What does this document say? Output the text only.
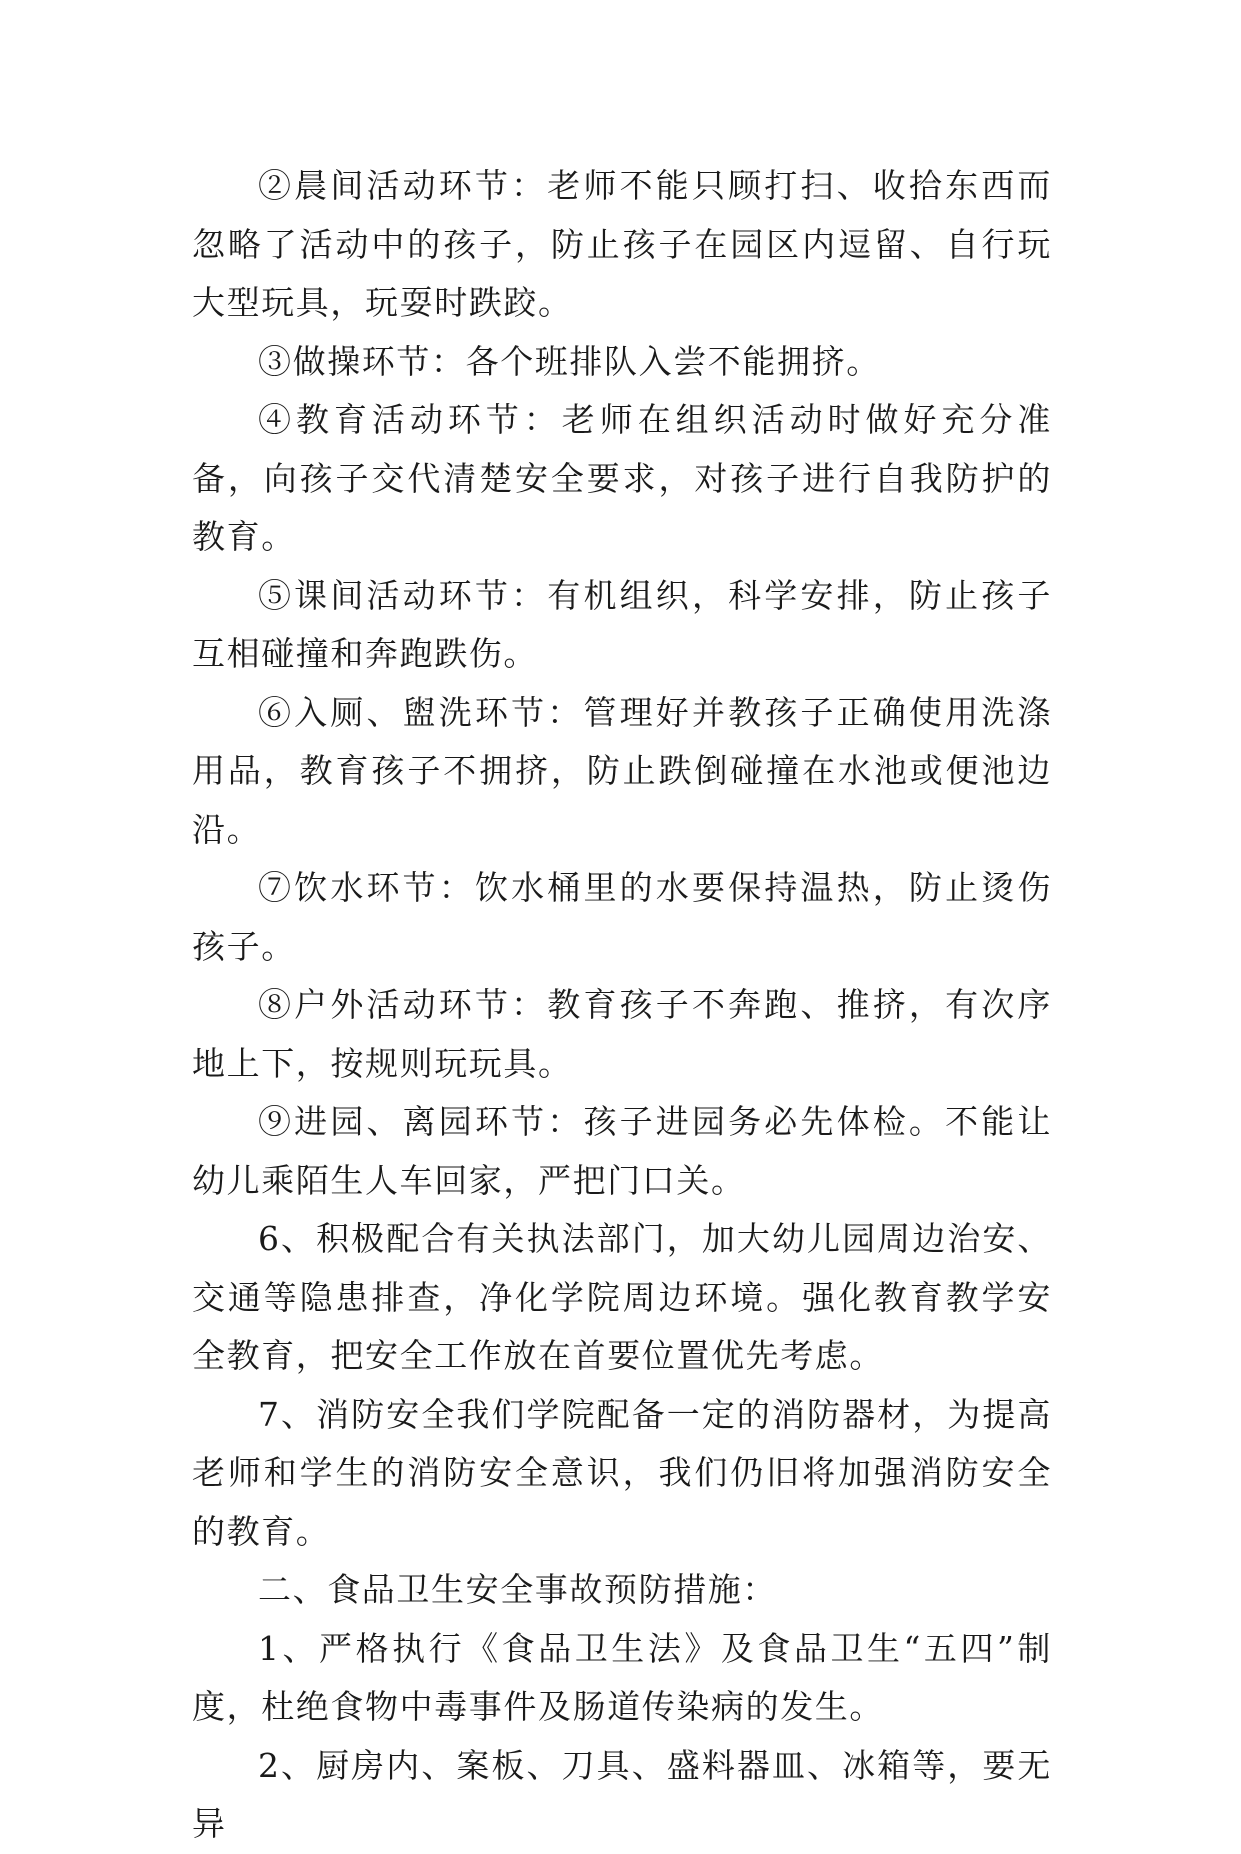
②晨间活动环节：老师不能只顾打扫、收拾东西而忽略了活动中的孩子，防止孩子在园区内逗留、自行玩大型玩具，玩耍时跌跤。

③做操环节：各个班排队入尝不能拥挤。

④教育活动环节：老师在组织活动时做好充分准备，向孩子交代清楚安全要求，对孩子进行自我防护的教育。

⑤课间活动环节：有机组织，科学安排，防止孩子互相碰撞和奔跑跌伤。

⑥入厕、盥洗环节：管理好并教孩子正确使用洗涤用品，教育孩子不拥挤，防止跌倒碰撞在水池或便池边沿。

⑦饮水环节：饮水桶里的水要保持温热，防止烫伤孩子。

⑧户外活动环节：教育孩子不奔跑、推挤，有次序地上下，按规则玩玩具。

⑨进园、离园环节：孩子进园务必先体检。不能让幼儿乘陌生人车回家，严把门口关。

6、积极配合有关执法部门，加大幼儿园周边治安、交通等隐患排查，净化学院周边环境。强化教育教学安全教育，把安全工作放在首要位置优先考虑。

7、消防安全我们学院配备一定的消防器材，为提高老师和学生的消防安全意识，我们仍旧将加强消防安全的教育。

二、食品卫生安全事故预防措施：

1、严格执行《食品卫生法》及食品卫生“五四”制度，杜绝食物中毒事件及肠道传染病的发生。

2、厨房内、案板、刀具、盛料器皿、冰箱等，要无异
